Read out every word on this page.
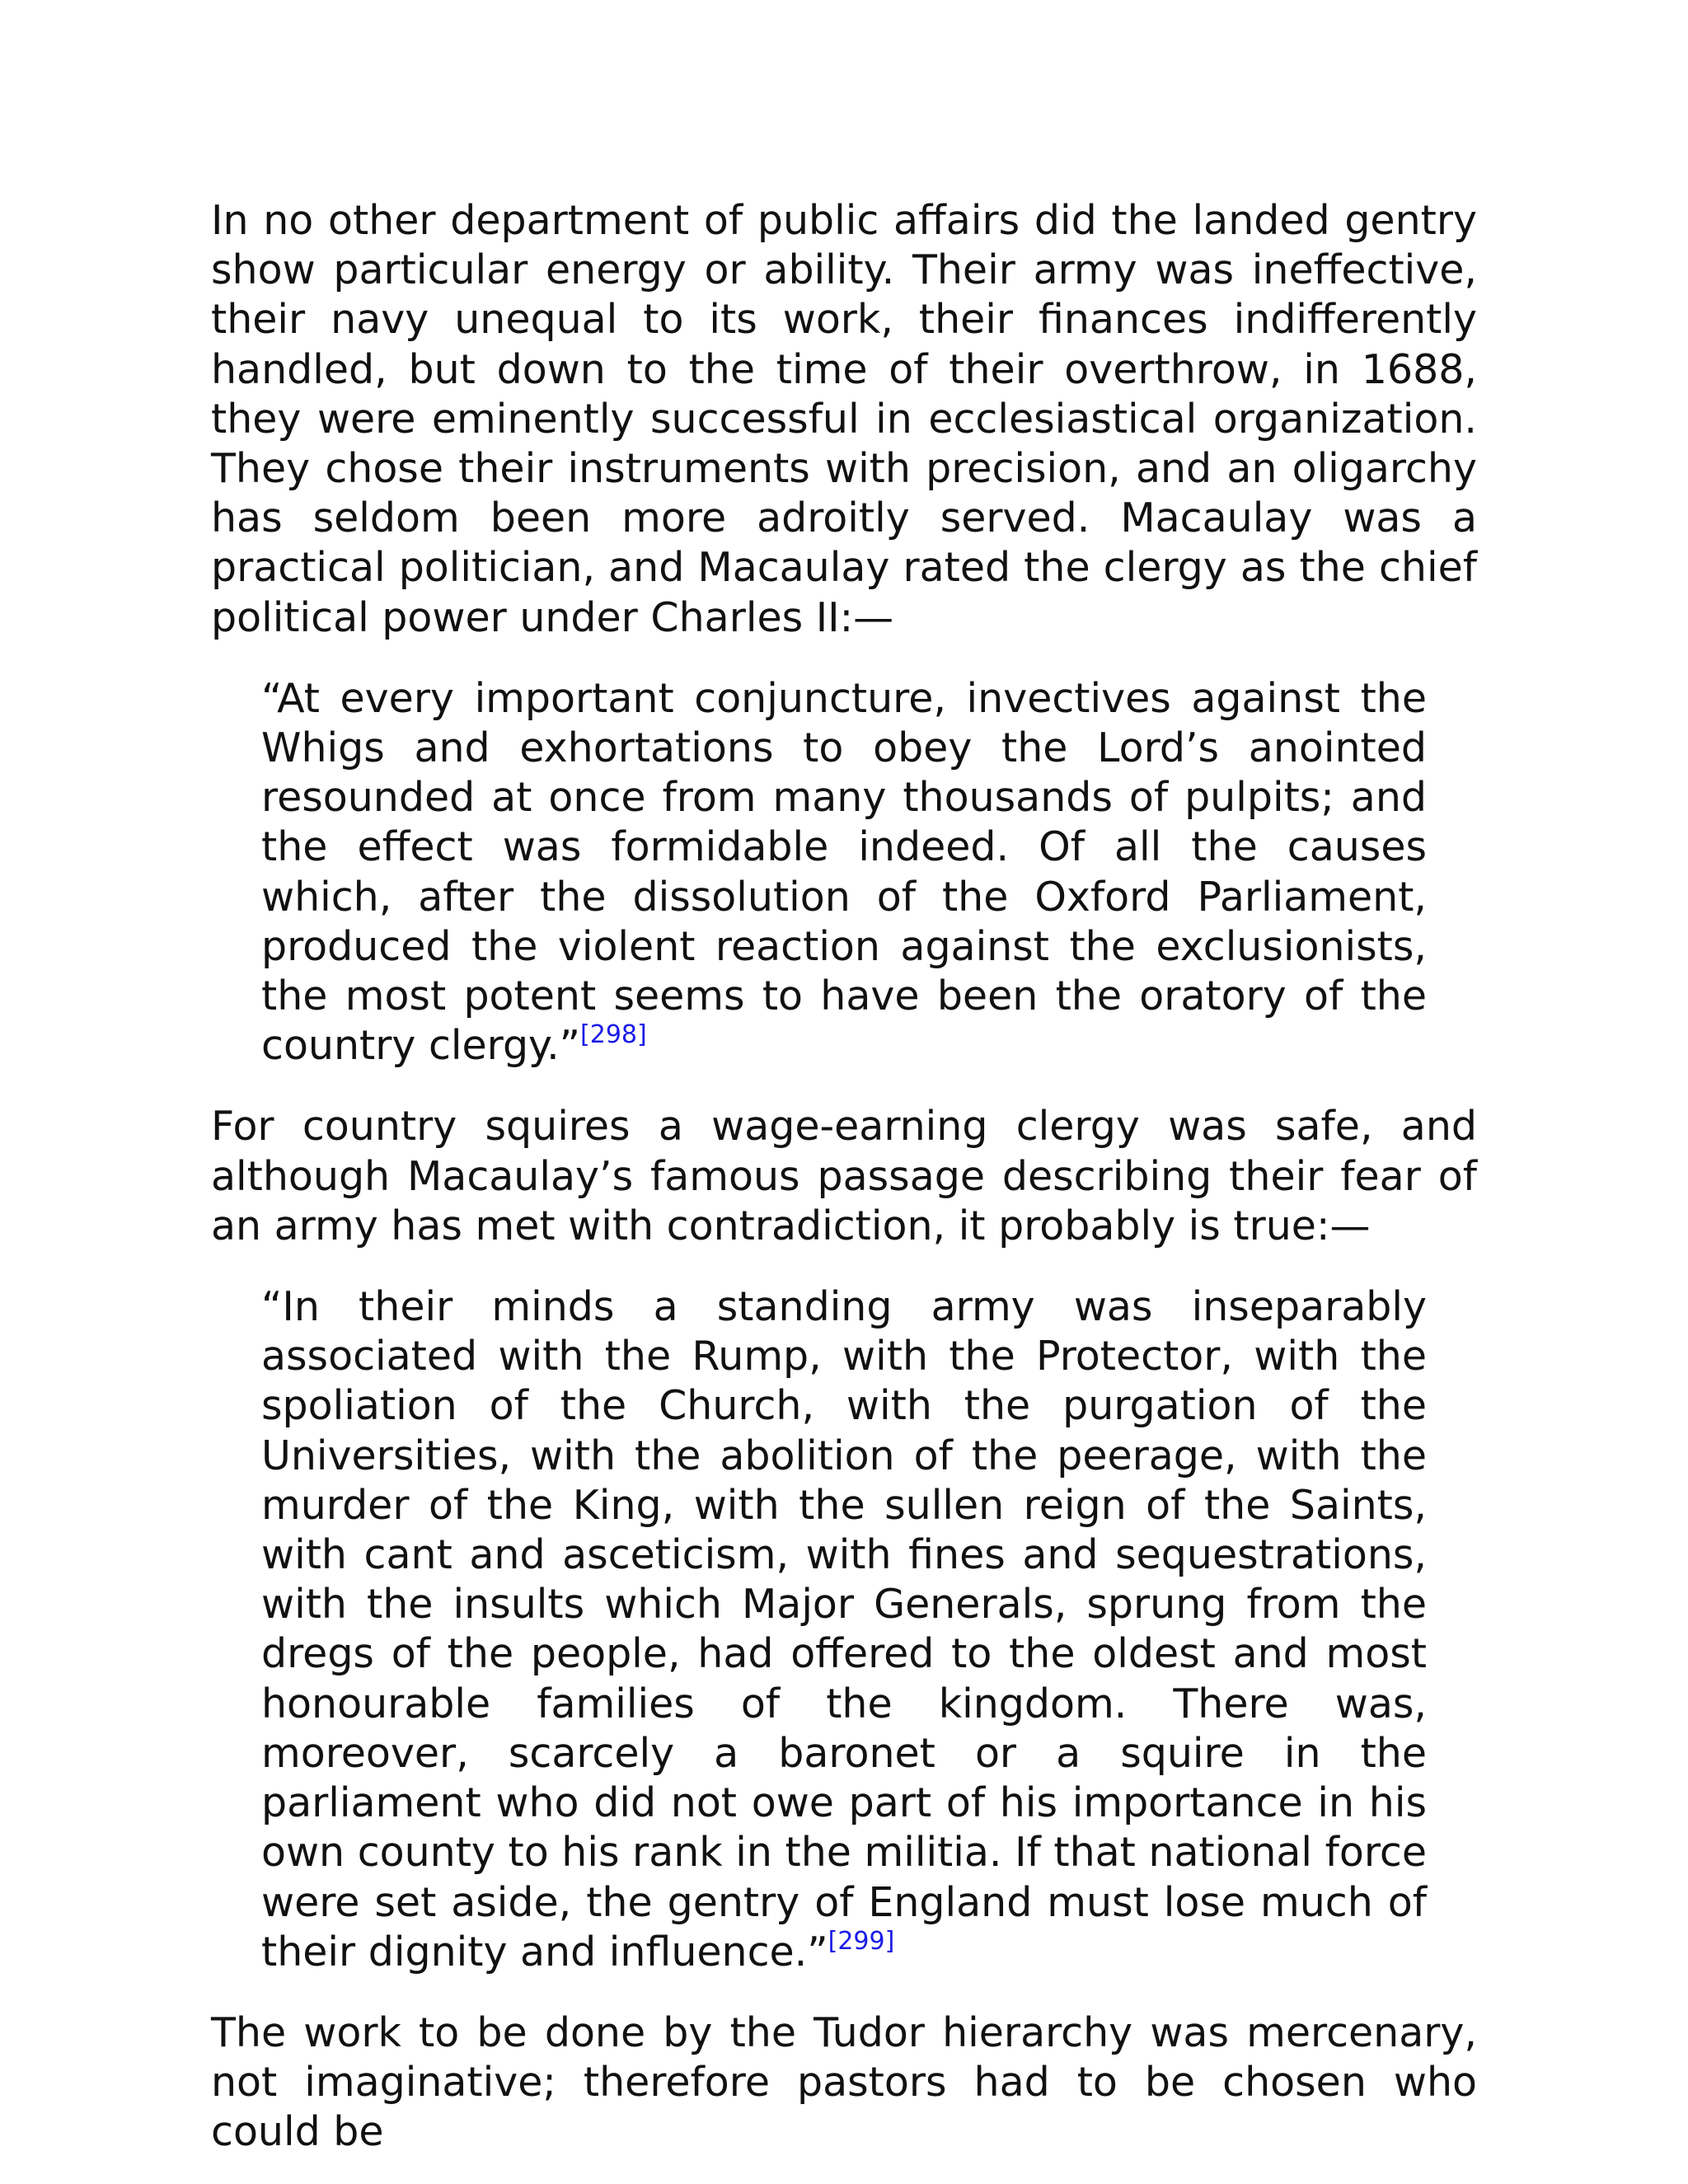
In no other department of public affairs did the landed gentry show particular energy or ability. Their army was ineffective, their navy unequal to its work, their finances indifferently handled, but down to the time of their overthrow, in 1688, they were eminently successful in ecclesiastical organization. They chose their instruments with precision, and an oligarchy has seldom been more adroitly served. Macaulay was a practical politician, and Macaulay rated the clergy as the chief political power under Charles II:—

“At every important conjuncture, invectives against the Whigs and exhortations to obey the Lord’s anointed resounded at once from many thousands of pulpits; and the effect was formidable indeed. Of all the causes which, after the dissolution of the Oxford Parliament, produced the violent reaction against the exclusionists, the most potent seems to have been the oratory of the country clergy.”[298]

For country squires a wage-earning clergy was safe, and although Macaulay’s famous passage describing their fear of an army has met with contradiction, it probably is true:—

“In their minds a standing army was inseparably associated with the Rump, with the Protector, with the spoliation of the Church, with the purgation of the Universities, with the abolition of the peerage, with the murder of the King, with the sullen reign of the Saints, with cant and asceticism, with fines and sequestrations, with the insults which Major Generals, sprung from the dregs of the people, had offered to the oldest and most honourable families of the kingdom. There was, moreover, scarcely a baronet or a squire in the parliament who did not owe part of his importance in his own county to his rank in the militia. If that national force were set aside, the gentry of England must lose much of their dignity and influence.”[299]

The work to be done by the Tudor hierarchy was mercenary, not imaginative; therefore pastors had to be chosen who could be
